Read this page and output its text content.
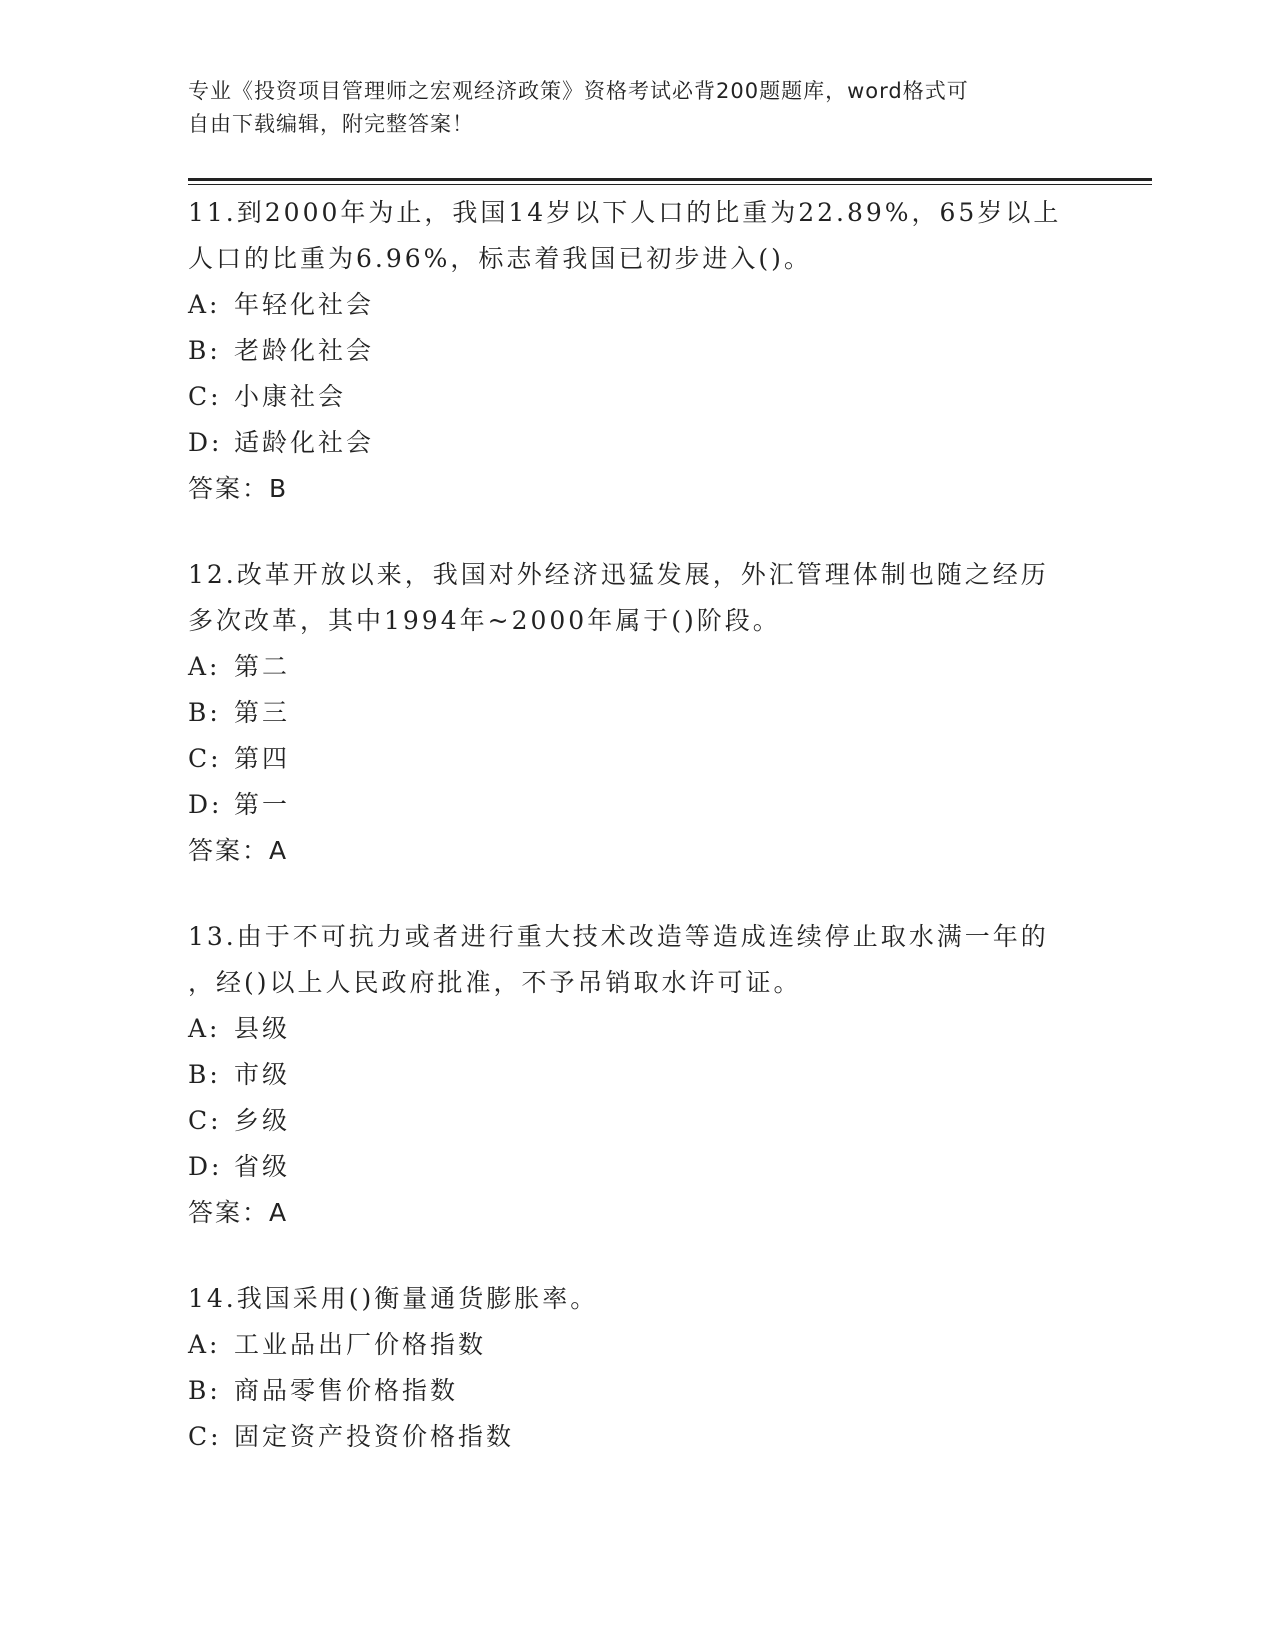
专业《投资项目管理师之宏观经济政策》资格考试必背200题题库，word格式可
自由下载编辑，附完整答案！
11.到2000年为止，我国14岁以下人口的比重为22.89%，65岁以上
人口的比重为6.96%，标志着我国已初步进入()。
A: 年轻化社会
B: 老龄化社会
C: 小康社会
D: 适龄化社会
答案： B
12.改革开放以来，我国对外经济迅猛发展，外汇管理体制也随之经历
多次改革，其中1994年~2000年属于()阶段。
A: 第二
B: 第三
C: 第四
D: 第一
答案： A
13.由于不可抗力或者进行重大技术改造等造成连续停止取水满一年的
，经()以上人民政府批准，不予吊销取水许可证。
A: 县级
B: 市级
C: 乡级
D: 省级
答案： A
14.我国采用()衡量通货膨胀率。
A: 工业品出厂价格指数
B: 商品零售价格指数
C: 固定资产投资价格指数
